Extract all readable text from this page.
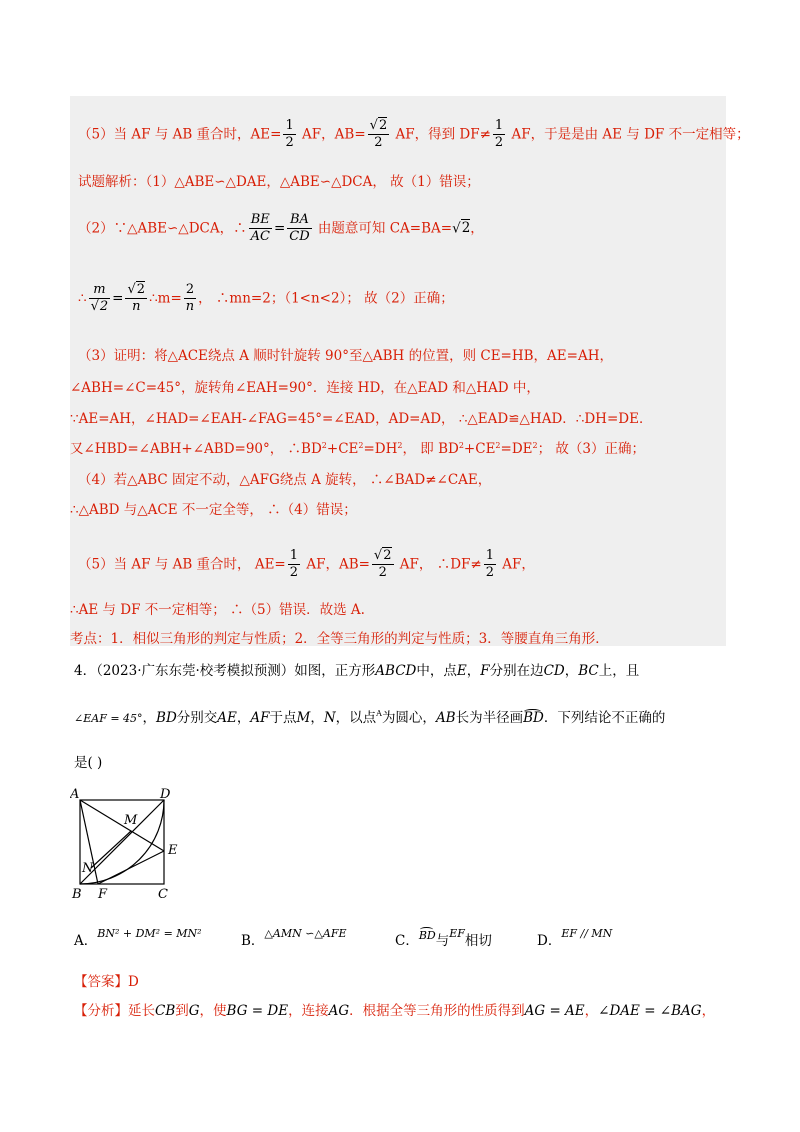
（5）当 AF 与 AB 重合时，$AE= \frac{1}{2}$ AF，$AB= \frac{√2}{2}$ AF，得到 $DF\ne \frac{1}{2}$ AF，于是是由 AE 与 DF 不一定相等；
试题解析：（1）△ABE∽△DAE，△ABE∽△DCA， 故（1）错误；
（2）∵△ABE∽△DCA，∴ $\frac{BE}{AC} = \frac{BA}{CD}$ 由题意可知 CA=BA=√2，
∴ $\frac{m}{√2} = \frac{√2}{n}$ ∴m= $\frac{2}{n}$ ， ∴mn=2；（1<n<2）； 故（2）正确；
（3）证明：将△ACE绕点 A 顺时针旋转 90°至△ABH 的位置，则 CE=HB，AE=AH，
∠ABH=∠C=45°，旋转角∠EAH=90°．连接 HD，在△EAD 和△HAD 中，
∵AE=AH，∠HAD=∠EAH-∠FAG=45°=∠EAD，AD=AD， ∴△EAD≌△HAD．∴DH=DE．
又∠HBD=∠ABH+∠ABD=90°， $\therefore BD^2+CE^2=DH^2$， 即 $BD^2+CE^2=DE^2$； 故（3）正确；
（4）若△ABC 固定不动，△AFG绕点 A 旋转， ∴∠BAD≠∠CAE，
∴△ABD 与△ACE 不一定全等， ∴（4）错误；
（5）当 AF 与 AB 重合时， $AE= \frac{1}{2}$ AF，$AB= \frac{√2}{2}$ AF， ∴DF≠ $\frac{1}{2}$ AF，
∴AE 与 DF 不一定相等； ∴（5）错误．故选 A.
考点：1．相似三角形的判定与性质；2．全等三角形的判定与性质；3．等腰直角三角形．
4．（2023·广东东莞·校考模拟预测）如图，正方形ABCD中，点E，F分别在边CD，BC上，且
∠EAF = 45°，BD分别交AE，AF于点M，N，以点$^A$为圆心，AB长为半径画BD．下列结论不正确的
是( )
A	D
M
E
N
B F	C
A．$^{BN^2 + DM^2 = MN^2}$	B．$^{\triangle AMN ∽\triangle AFE}$	C．BD与$^{EF}$相切	D．$^{EF // MN}$
【答案】D
【分析】延长CB到G，使BG = DE，连接AG．根据全等三角形的性质得到AG = AE，∠DAE = ∠BAG，
